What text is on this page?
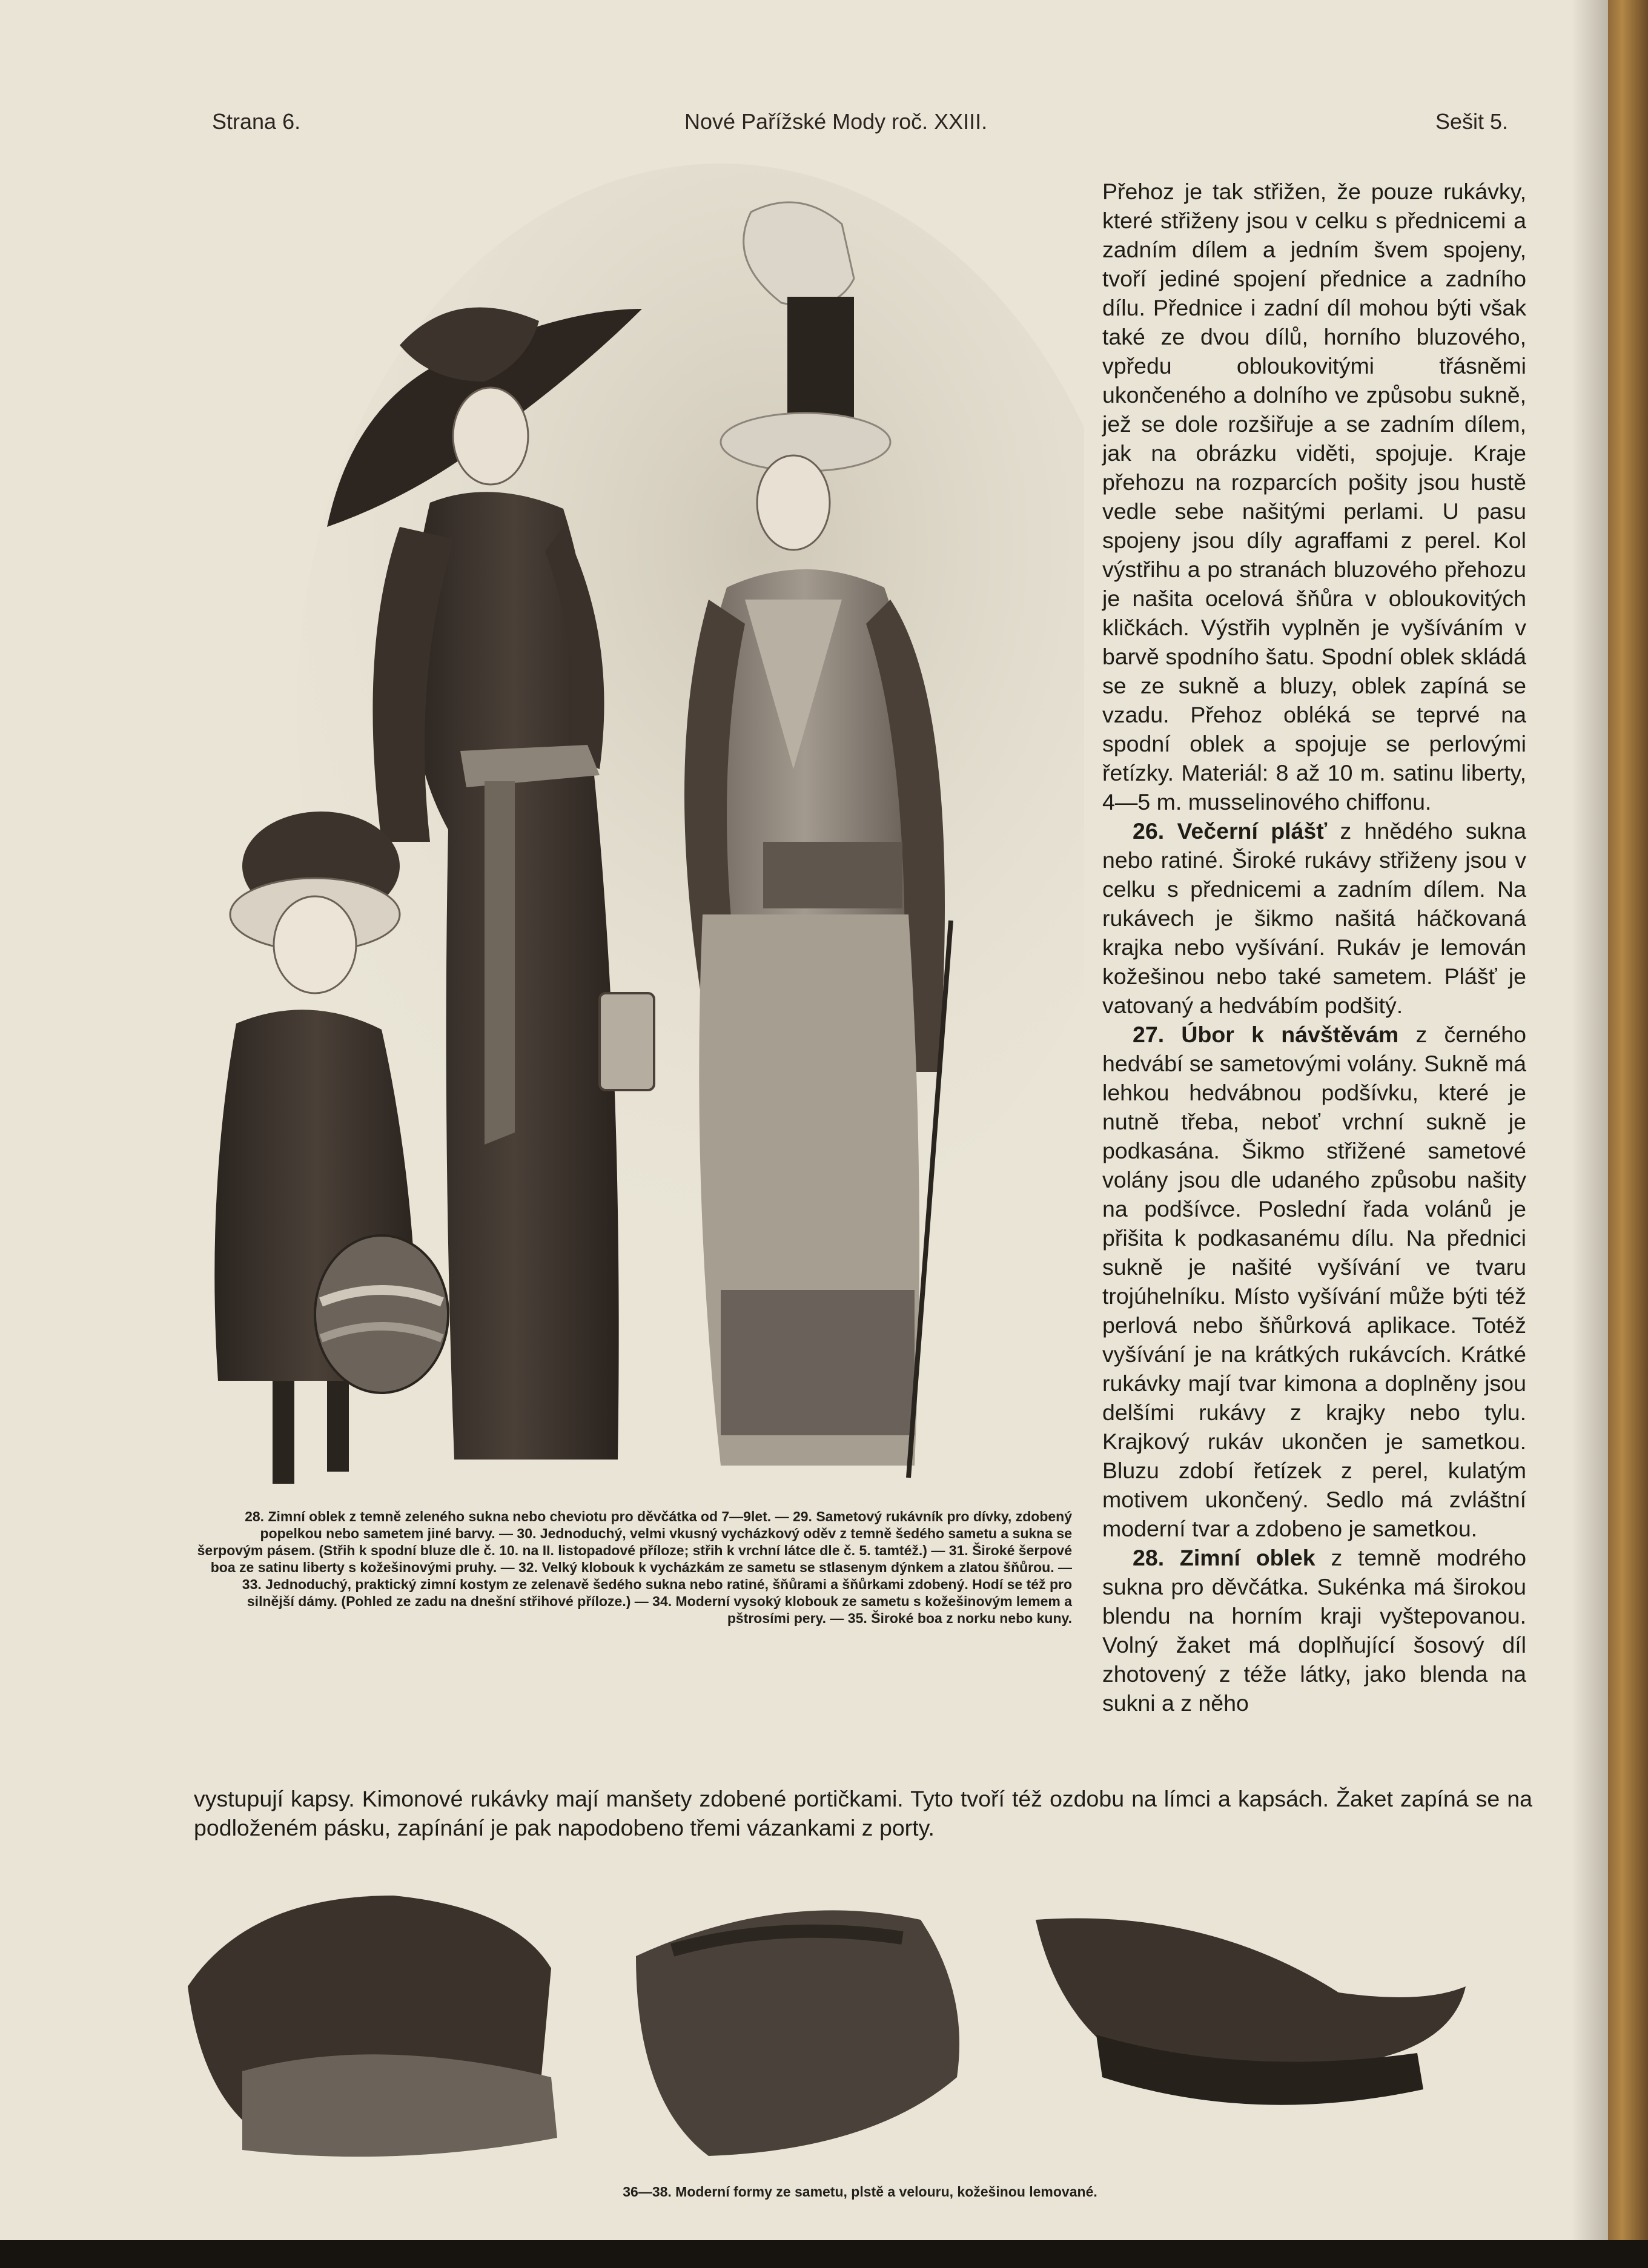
Strana 6.	Nové Pařížské Mody roč. XXIII.	Sešit 5.
28. Zimní oblek z temně zeleného sukna nebo cheviotu pro děvčátka od 7—9let. — 29. Sametový rukávník pro dívky, zdobený popelkou nebo sametem jiné barvy. — 30. Jednoduchý, velmi vkusný vycházkový oděv z temně šedého sametu a sukna se šerpovým pásem. (Střih k spodní bluze dle č. 10. na II. listopadové příloze; střih k vrchní látce dle č. 5. tamtéž.) — 31. Široké šerpové boa ze satinu liberty s kožešinovými pruhy. — 32. Velký klobouk k vycházkám ze sametu se stlasenym dýnkem a zlatou šňůrou. — 33. Jednoduchý, praktický zimní kostym ze zelenavě šedého sukna nebo ratiné, šňůrami a šňůrkami zdobený. Hodí se též pro silnější dámy. (Pohled ze zadu na dnešní střihové příloze.) — 34. Moderní vysoký klobouk ze sametu s kožešinovým lemem a pštrosími pery. — 35. Široké boa z norku nebo kuny.

Přehoz je tak střižen, že pouze rukávky, které střiženy jsou v celku s přednicemi a zadním dílem a jedním švem spojeny, tvoří jediné spojení přednice a zadního dílu. Přednice i zadní díl mohou býti však také ze dvou dílů, horního bluzového, vpředu obloukovitými třásněmi ukončeného a dolního ve způsobu sukně, jež se dole rozšiřuje a se zadním dílem, jak na obrázku viděti, spojuje. Kraje přehozu na rozparcích pošity jsou hustě vedle sebe našitými perlami. U pasu spojeny jsou díly agraffami z perel. Kol výstřihu a po stranách bluzového přehozu je našita ocelová šňůra v obloukovitých kličkách. Výstřih vyplněn je vyšíváním v barvě spodního šatu. Spodní oblek skládá se ze sukně a bluzy, oblek zapíná se vzadu. Přehoz obléká se teprvé na spodní oblek a spojuje se perlovými řetízky. Materiál: 8 až 10 m. satinu liberty, 4—5 m. musselinového chiffonu.

26. Večerní plášť z hnědého sukna nebo ratiné. Široké rukávy střiženy jsou v celku s přednicemi a zadním dílem. Na rukávech je šikmo našitá háčkovaná krajka nebo vyšívání. Rukáv je lemován kožešinou nebo také sametem. Plášť je vatovaný a hedvábím podšitý.

27. Úbor k návštěvám z černého hedvábí se sametovými volány. Sukně má lehkou hedvábnou podšívku, které je nutně třeba, neboť vrchní sukně je podkasána. Šikmo střižené sametové volány jsou dle udaného způsobu našity na podšívce. Poslední řada volánů je přišita k podkasanému dílu. Na přednici sukně je našité vyšívání ve tvaru trojúhelníku. Místo vyšívání může býti též perlová nebo šňůrková aplikace. Totéž vyšívání je na krátkých rukávcích. Krátké rukávky mají tvar kimona a doplněny jsou delšími rukávy z krajky nebo tylu. Krajkový rukáv ukončen je sametkou. Bluzu zdobí řetízek z perel, kulatým motivem ukončený. Sedlo má zvláštní moderní tvar a zdobeno je sametkou.

28. Zimní oblek z temně modrého sukna pro děvčátka. Sukénka má širokou blendu na horním kraji vyštepovanou. Volný žaket má doplňující šosový díl zhotovený z téže látky, jako blenda na sukni a z něho

vystupují kapsy. Kimonové rukávky mají manšety zdobené portičkami. Tyto tvoří též ozdobu na límci a kapsách. Žaket zapíná se na podloženém pásku, zapínání je pak napodobeno třemi vázankami z porty.
36—38. Moderní formy ze sametu, plstě a velouru, kožešinou lemované.
